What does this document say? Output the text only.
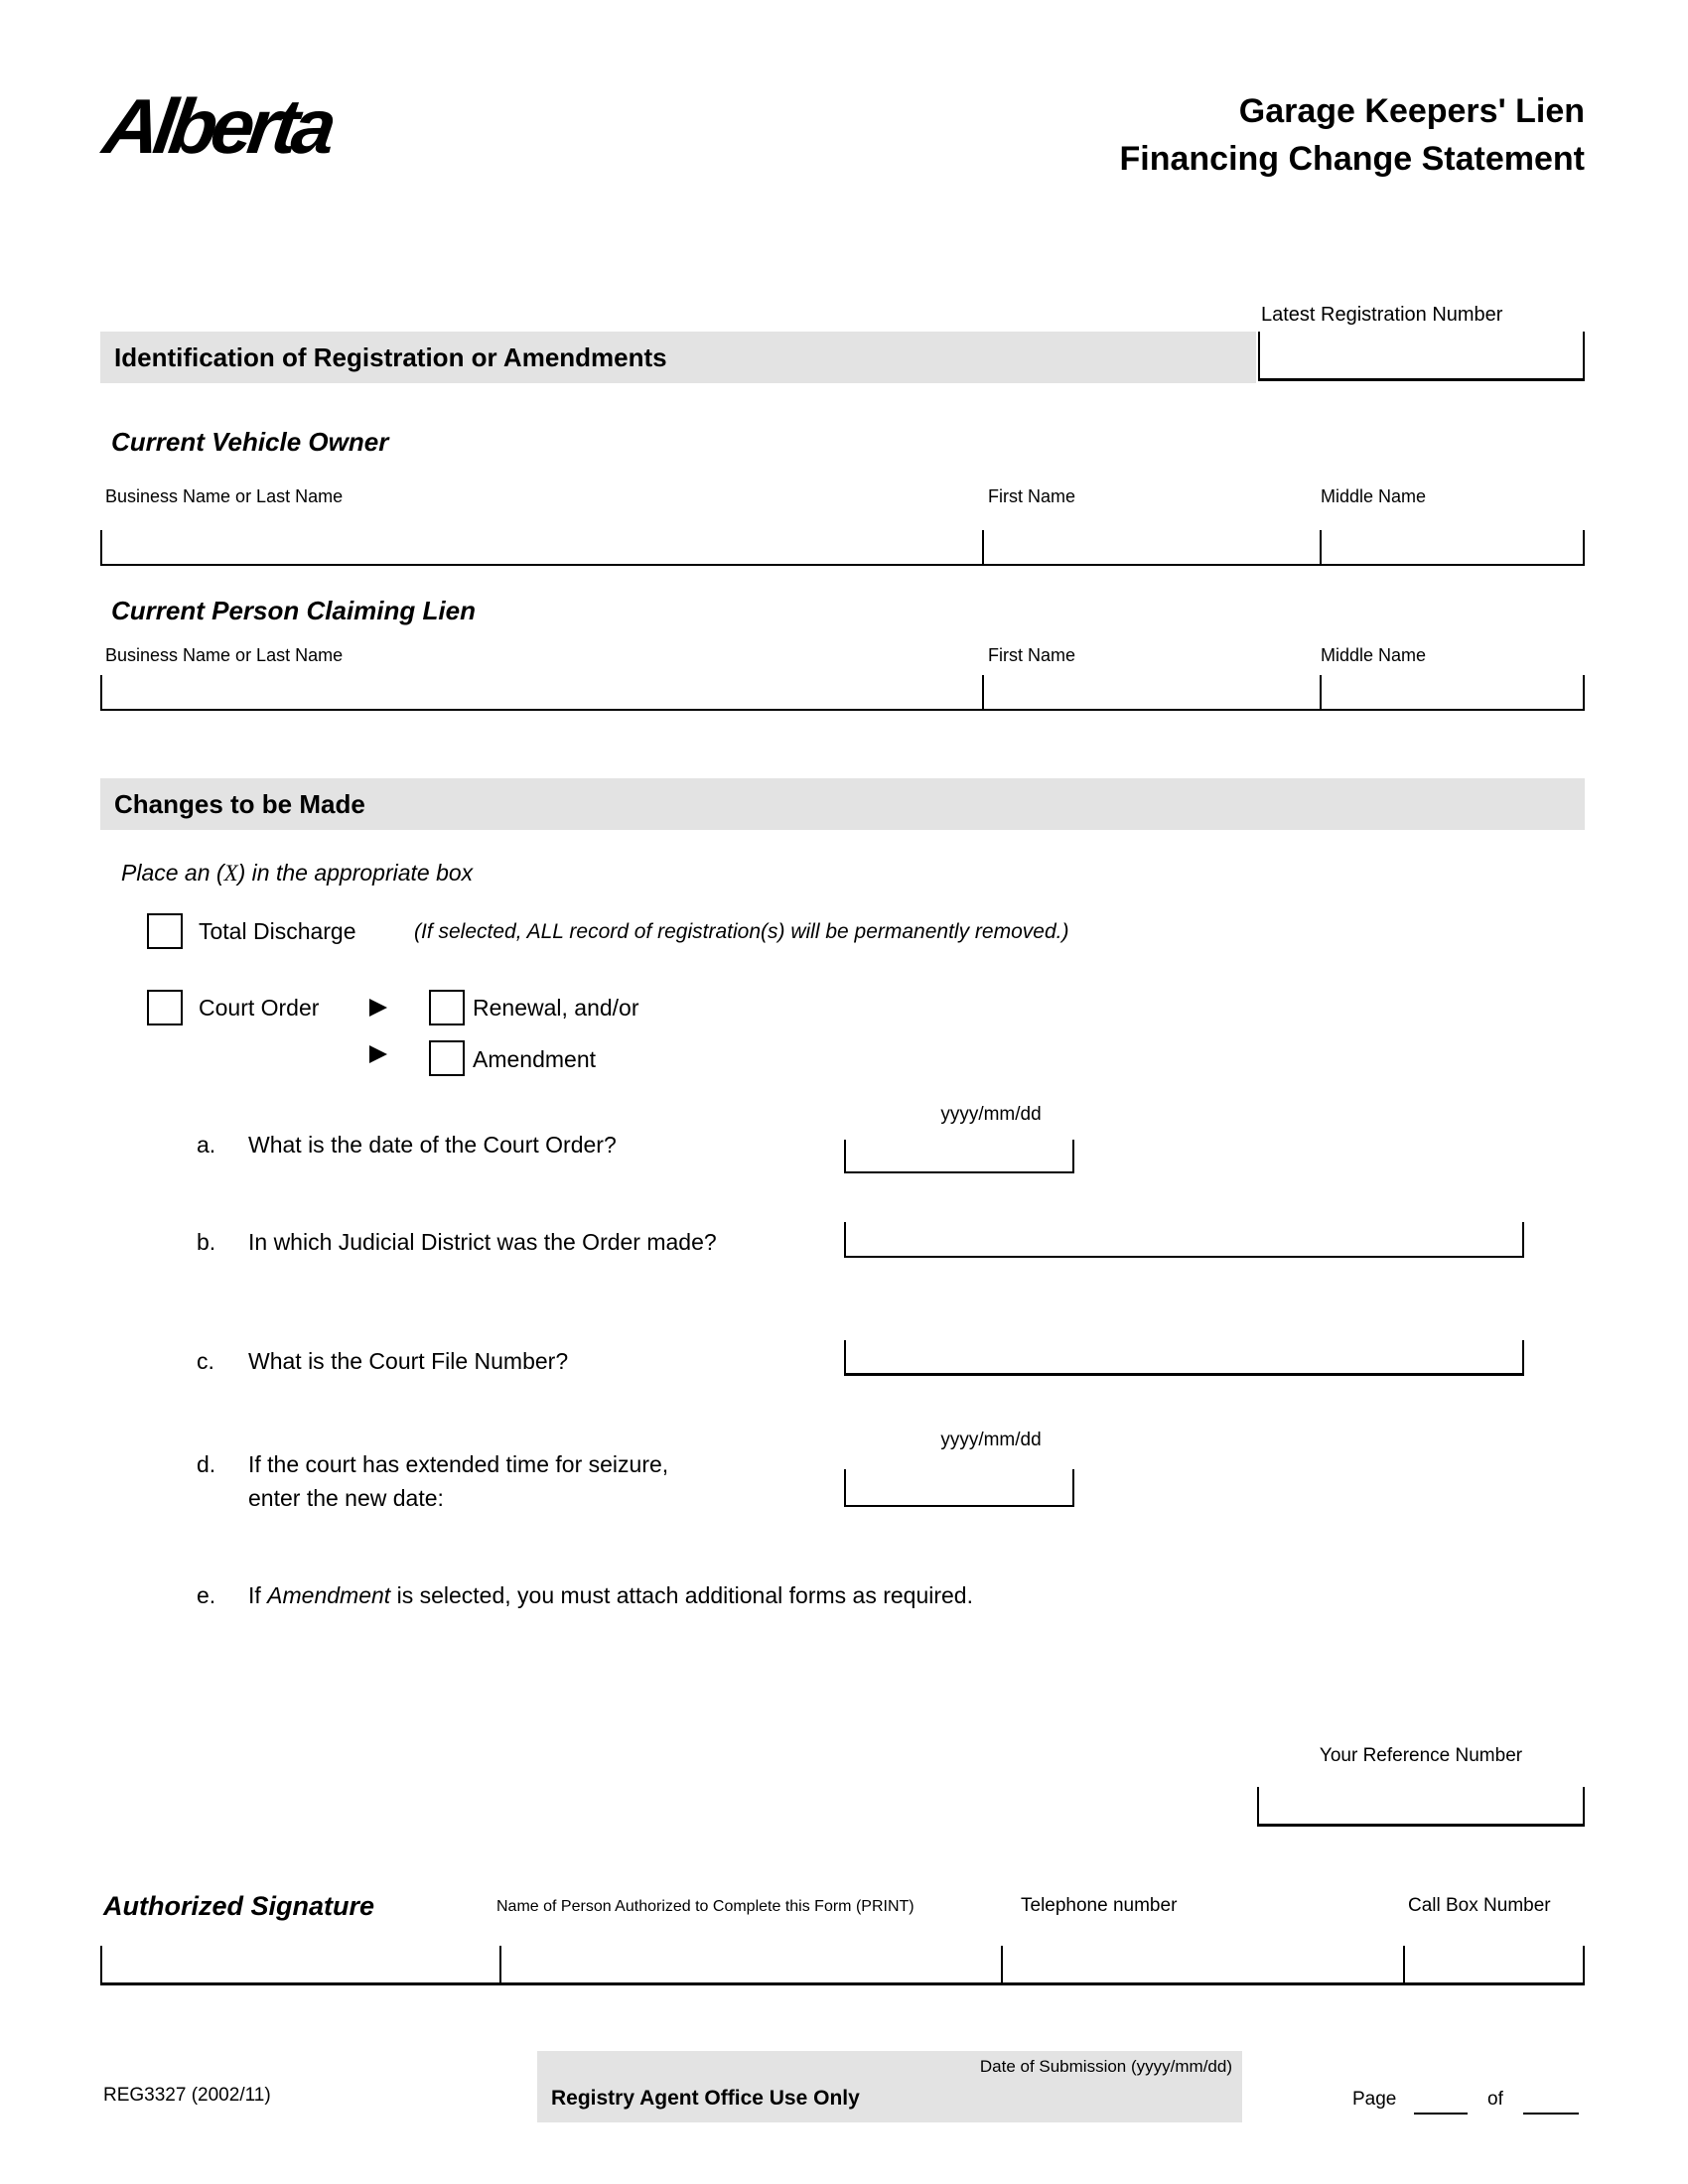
Alberta	Garage Keepers' Lien
Financing Change Statement
Latest Registration Number
Identification of Registration or Amendments
Current Vehicle Owner
Business Name or Last Name	First Name	Middle Name
Current Person Claiming Lien
Business Name or Last Name	First Name	Middle Name
Changes to be Made
Place an (X) in the appropriate box
Total Discharge	(If selected, ALL record of registration(s) will be permanently removed.)
Court Order	Renewal, and/or
Amendment
yyyy/mm/dd
a. What is the date of the Court Order?
b. In which Judicial District was the Order made?
c. What is the Court File Number?
yyyy/mm/dd
d. If the court has extended time for seizure,
enter the new date:
e. If Amendment is selected, you must attach additional forms as required.
Your Reference Number
Authorized Signature	Name of Person Authorized to Complete this Form (PRINT)	Telephone number	Call Box Number
REG3327 (2002/11)
Date of Submission (yyyy/mm/dd)
Registry Agent Office Use Only	Page	of
